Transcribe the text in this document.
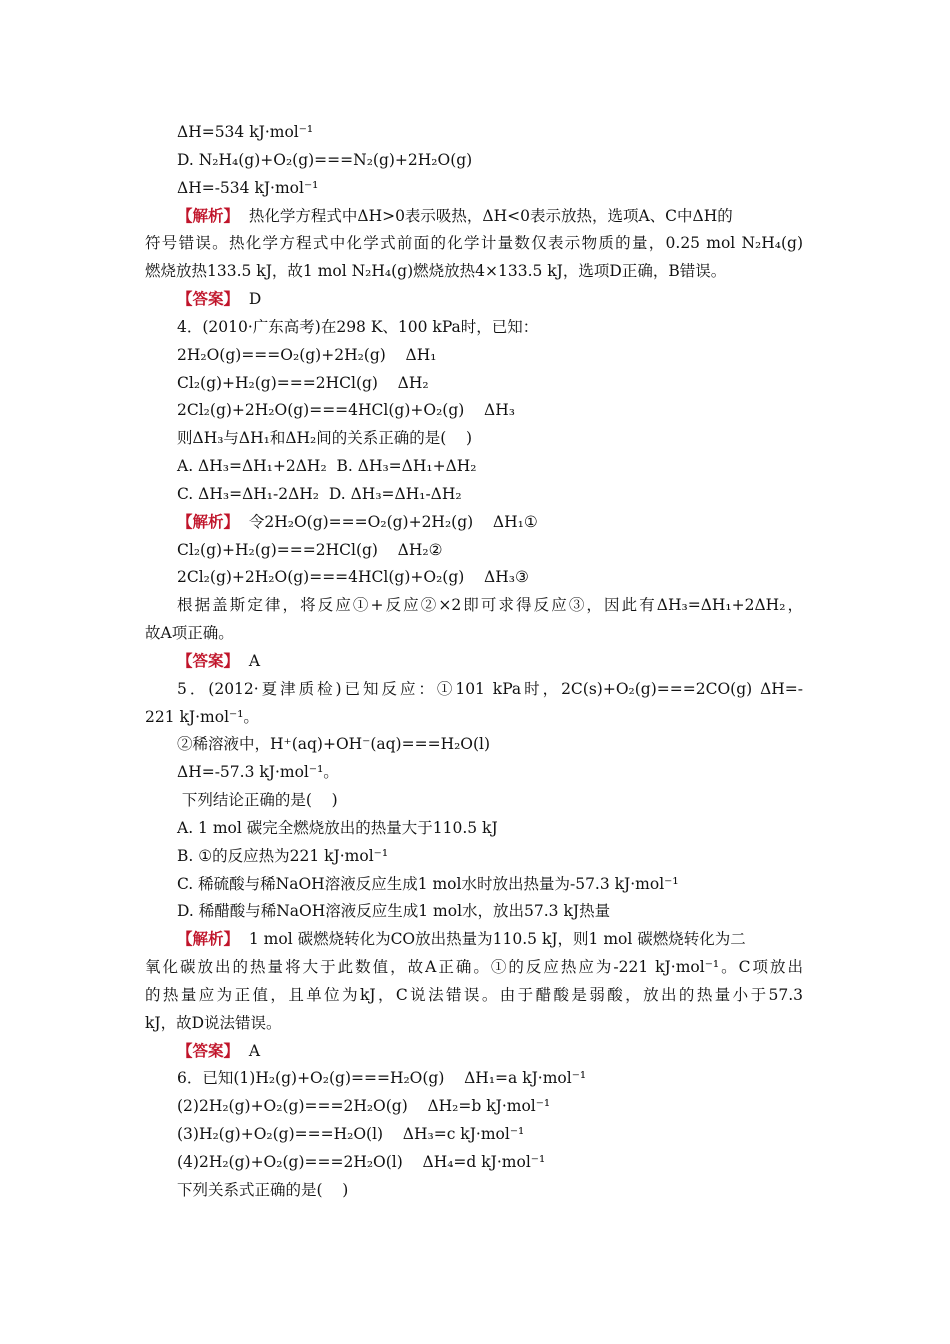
ΔH=534 kJ·mol⁻¹
D. N₂H₄(g)+O₂(g)===N₂(g)+2H₂O(g)
ΔH=-534 kJ·mol⁻¹
【解析】  热化学方程式中ΔH>0表示吸热，ΔH<0表示放热，选项A、C中ΔH的
符号错误。热化学方程式中化学式前面的化学计量数仅表示物质的量，0.25 mol N₂H₄(g)
燃烧放热133.5 kJ，故1 mol N₂H₄(g)燃烧放热4×133.5 kJ，选项D正确，B错误。
【答案】  D
4．(2010·广东高考)在298 K、100 kPa时，已知：
2H₂O(g)===O₂(g)+2H₂(g)    ΔH₁
Cl₂(g)+H₂(g)===2HCl(g)    ΔH₂
2Cl₂(g)+2H₂O(g)===4HCl(g)+O₂(g)    ΔH₃
则ΔH₃与ΔH₁和ΔH₂间的关系正确的是(    )
A. ΔH₃=ΔH₁+2ΔH₂  B. ΔH₃=ΔH₁+ΔH₂
C. ΔH₃=ΔH₁-2ΔH₂  D. ΔH₃=ΔH₁-ΔH₂
【解析】  令2H₂O(g)===O₂(g)+2H₂(g)    ΔH₁①
Cl₂(g)+H₂(g)===2HCl(g)    ΔH₂②
2Cl₂(g)+2H₂O(g)===4HCl(g)+O₂(g)    ΔH₃③
根据盖斯定律，将反应①+反应②×2即可求得反应③，因此有ΔH₃=ΔH₁+2ΔH₂，
故A项正确。
【答案】  A
5．(2012·夏津质检)已知反应：①101 kPa时，2C(s)+O₂(g)===2CO(g) ΔH=-
221 kJ·mol⁻¹。
②稀溶液中，H⁺(aq)+OH⁻(aq)===H₂O(l)
ΔH=-57.3 kJ·mol⁻¹。
下列结论正确的是(    )
A. 1 mol 碳完全燃烧放出的热量大于110.5 kJ
B. ①的反应热为221 kJ·mol⁻¹
C. 稀硫酸与稀NaOH溶液反应生成1 mol水时放出热量为-57.3 kJ·mol⁻¹
D. 稀醋酸与稀NaOH溶液反应生成1 mol水，放出57.3 kJ热量
【解析】  1 mol 碳燃烧转化为CO放出热量为110.5 kJ，则1 mol 碳燃烧转化为二
氧化碳放出的热量将大于此数值，故A正确。①的反应热应为-221 kJ·mol⁻¹。C项放出
的热量应为正值，且单位为kJ，C说法错误。由于醋酸是弱酸，放出的热量小于57.3
kJ，故D说法错误。
【答案】  A
6．已知(1)H₂(g)+O₂(g)===H₂O(g)    ΔH₁=a kJ·mol⁻¹
(2)2H₂(g)+O₂(g)===2H₂O(g)    ΔH₂=b kJ·mol⁻¹
(3)H₂(g)+O₂(g)===H₂O(l)    ΔH₃=c kJ·mol⁻¹
(4)2H₂(g)+O₂(g)===2H₂O(l)    ΔH₄=d kJ·mol⁻¹
下列关系式正确的是(    )
